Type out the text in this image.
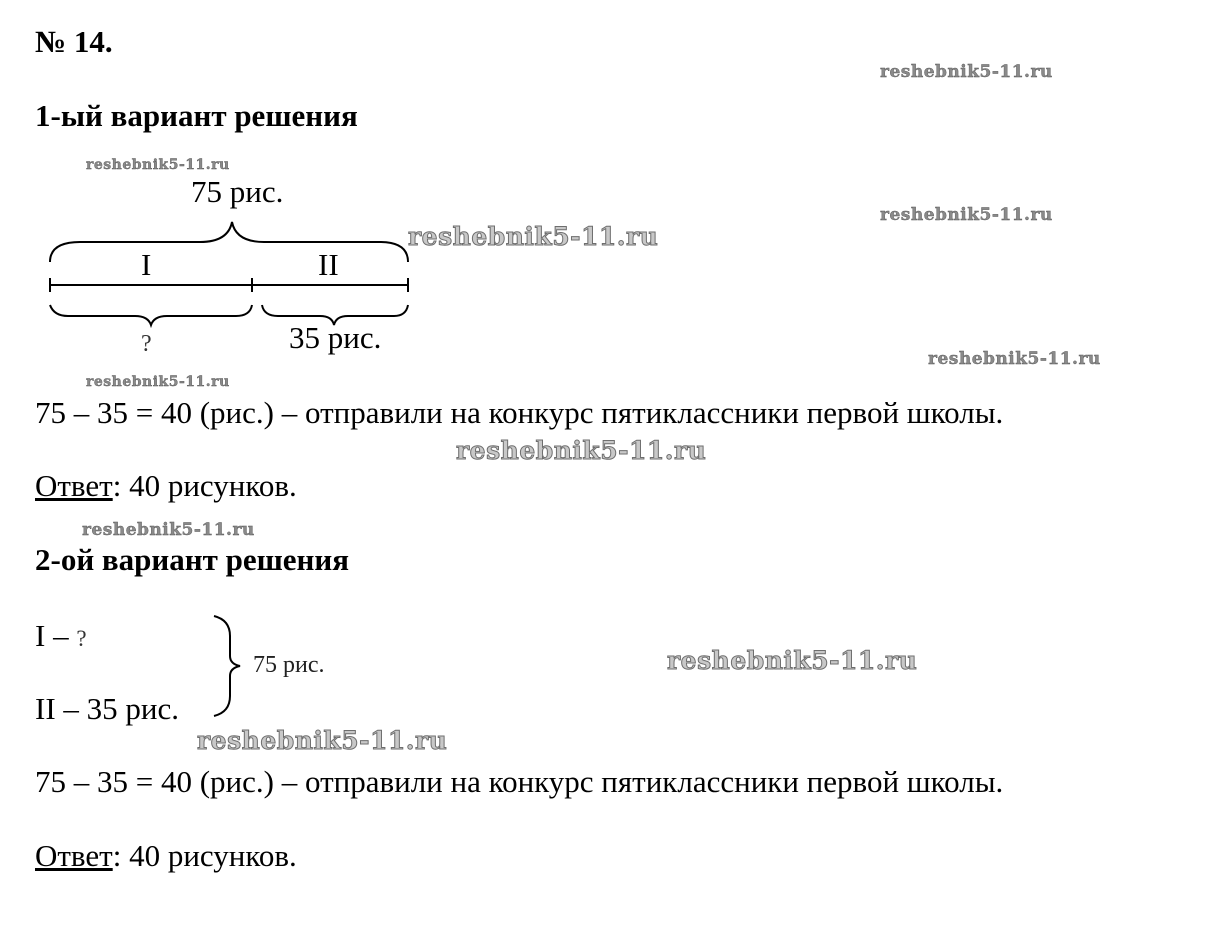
№ 14.
1-ый вариант решения
75 рис.
I	II
?	35 рис.
75 – 35 = 40 (рис.) – отправили на конкурс пятиклассники первой школы.
Ответ: 40 рисунков.
2-ой вариант решения
I – ?
II – 35 рис.
75 рис.
75 – 35 = 40 (рис.) – отправили на конкурс пятиклассники первой школы.
Ответ: 40 рисунков.
reshebnik5-11.ru
reshebnik5-11.ru
reshebnik5-11.ru
reshebnik5-11.ru
reshebnik5-11.ru
reshebnik5-11.ru
reshebnik5-11.ru
reshebnik5-11.ru
reshebnik5-11.ru
reshebnik5-11.ru
